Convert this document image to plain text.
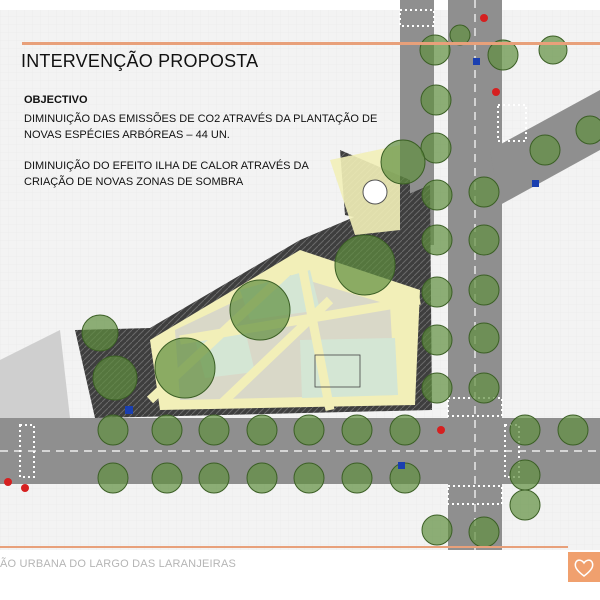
INTERVENÇÃO PROPOSTA
OBJECTIVO
DIMINUIÇÃO DAS EMISSÕES DE CO2 ATRAVÉS DA PLANTAÇÃO DE
NOVAS ESPÉCIES ARBÓREAS – 44 UN.
DIMINUIÇÃO DO EFEITO ILHA DE CALOR ATRAVÉS DA
CRIAÇÃO DE NOVAS ZONAS DE SOMBRA
ÃO URBANA DO LARGO DAS LARANJEIRAS
